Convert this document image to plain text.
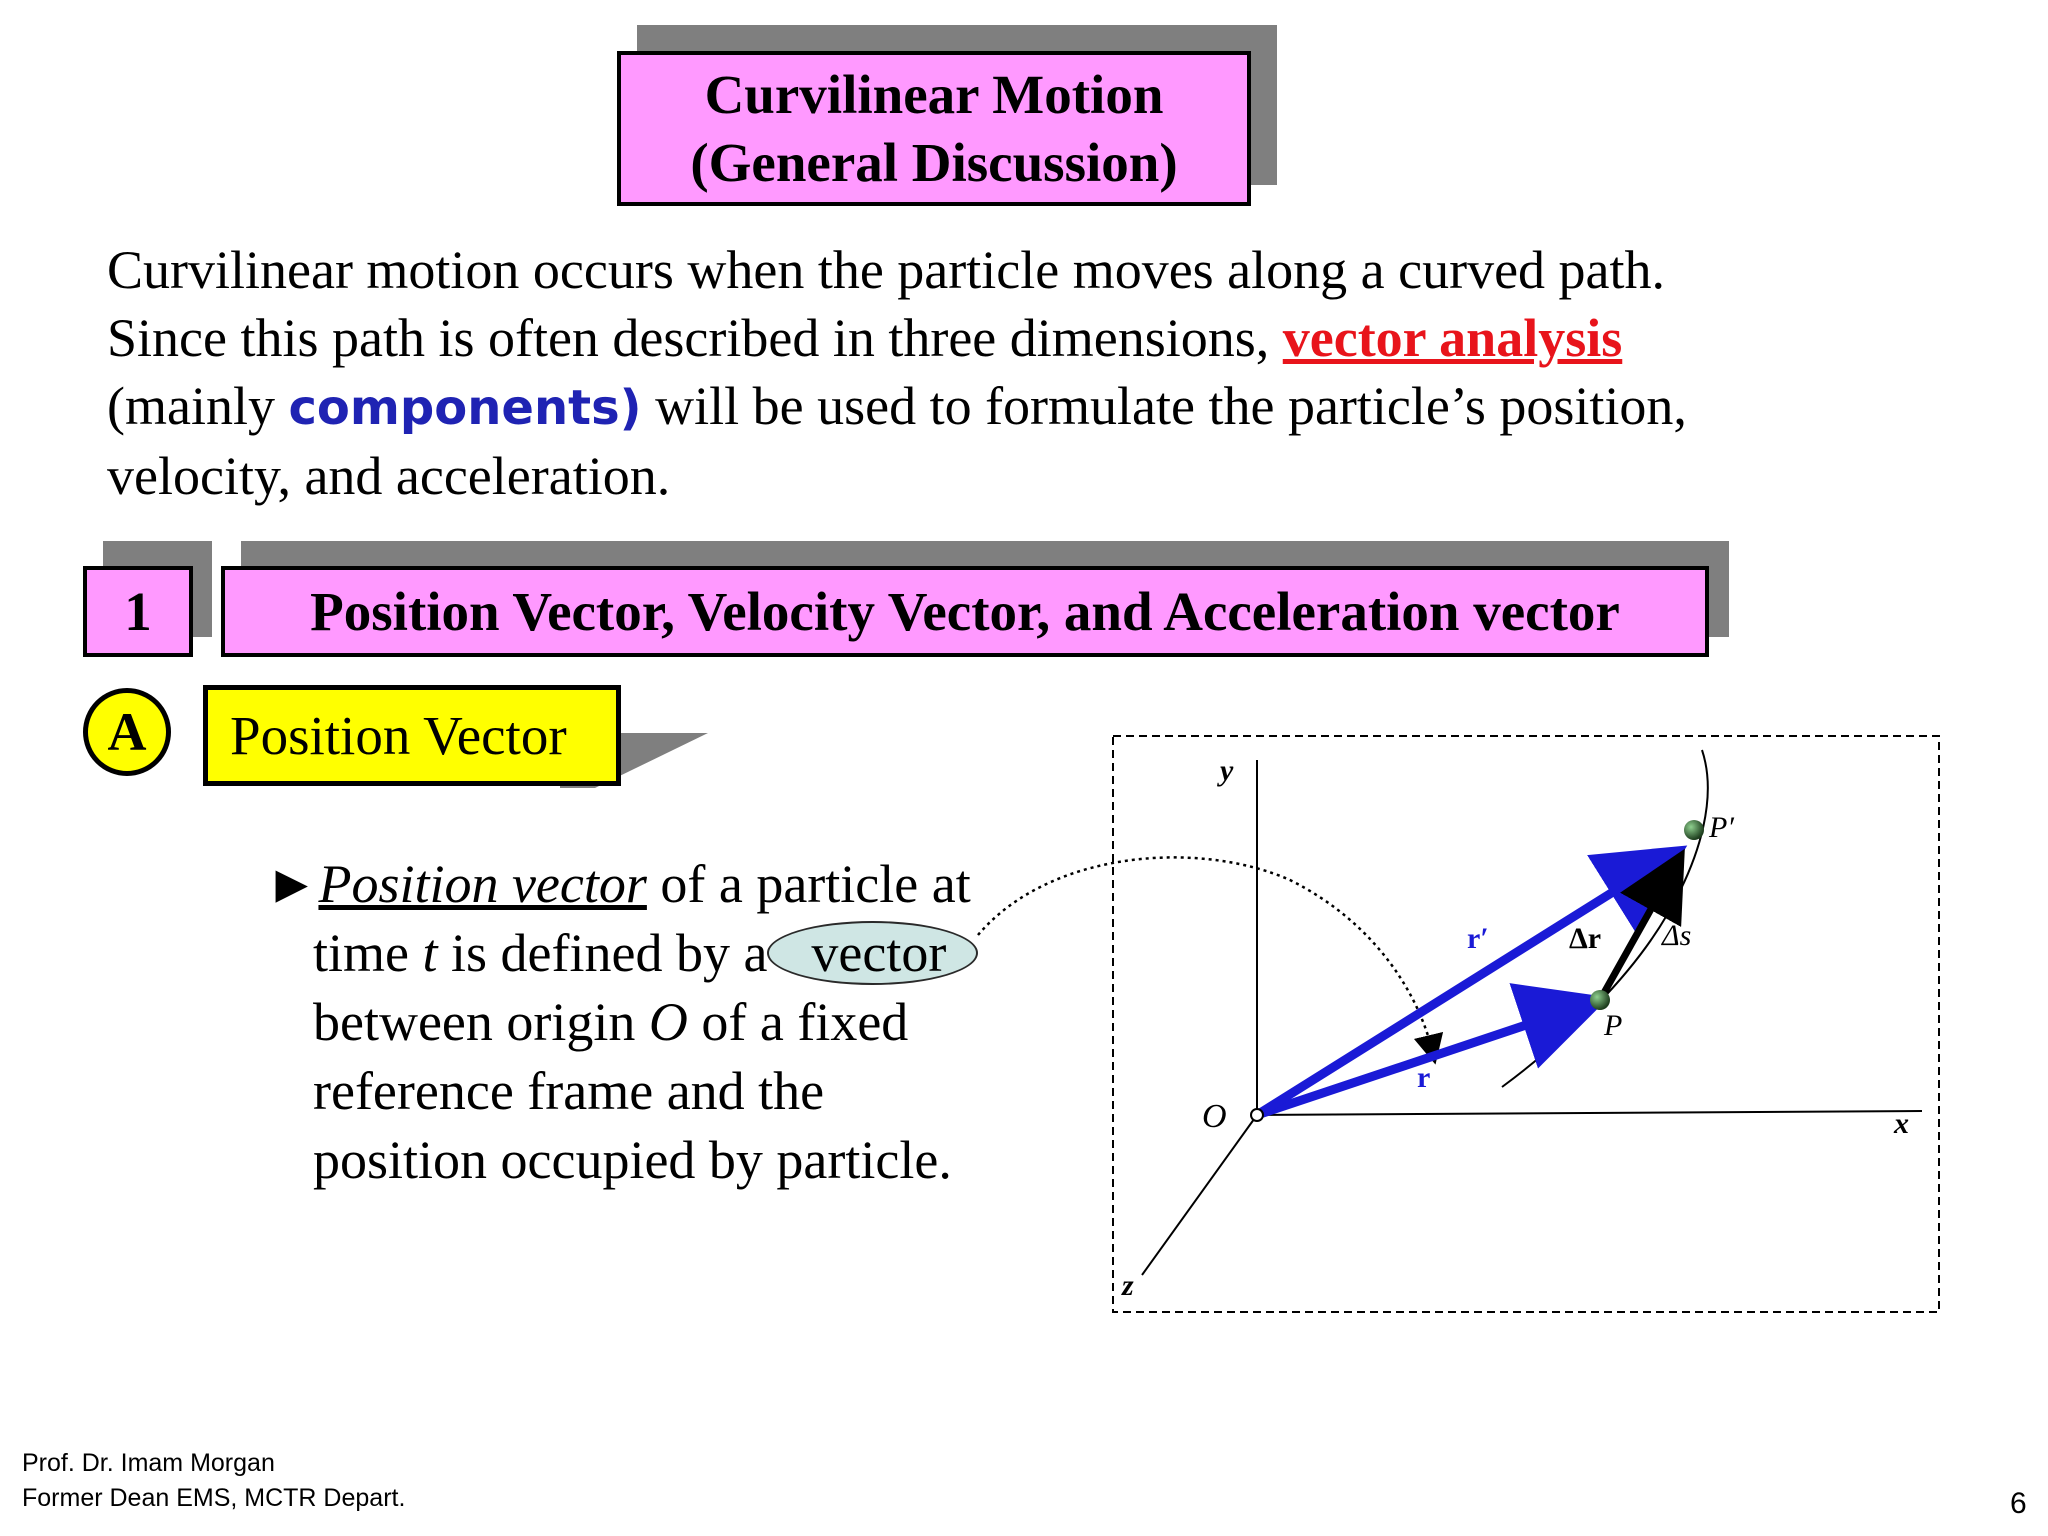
Curvilinear Motion
(General Discussion)
Curvilinear motion occurs when the particle moves along a curved path.
Since this path is often described in three dimensions, vector analysis
(mainly components) will be used to formulate the particle’s position,
velocity, and acceleration.
1	Position Vector, Velocity Vector, and Acceleration vector
A	Position Vector
►Position vector of a particle at
time t is defined by a vector
between origin O of a fixed
reference frame and the
position occupied by particle.
y
x
z
O
r
r′	Δr Δs
P
P′
Prof. Dr. Imam Morgan
Former Dean EMS, MCTR Depart.	6
